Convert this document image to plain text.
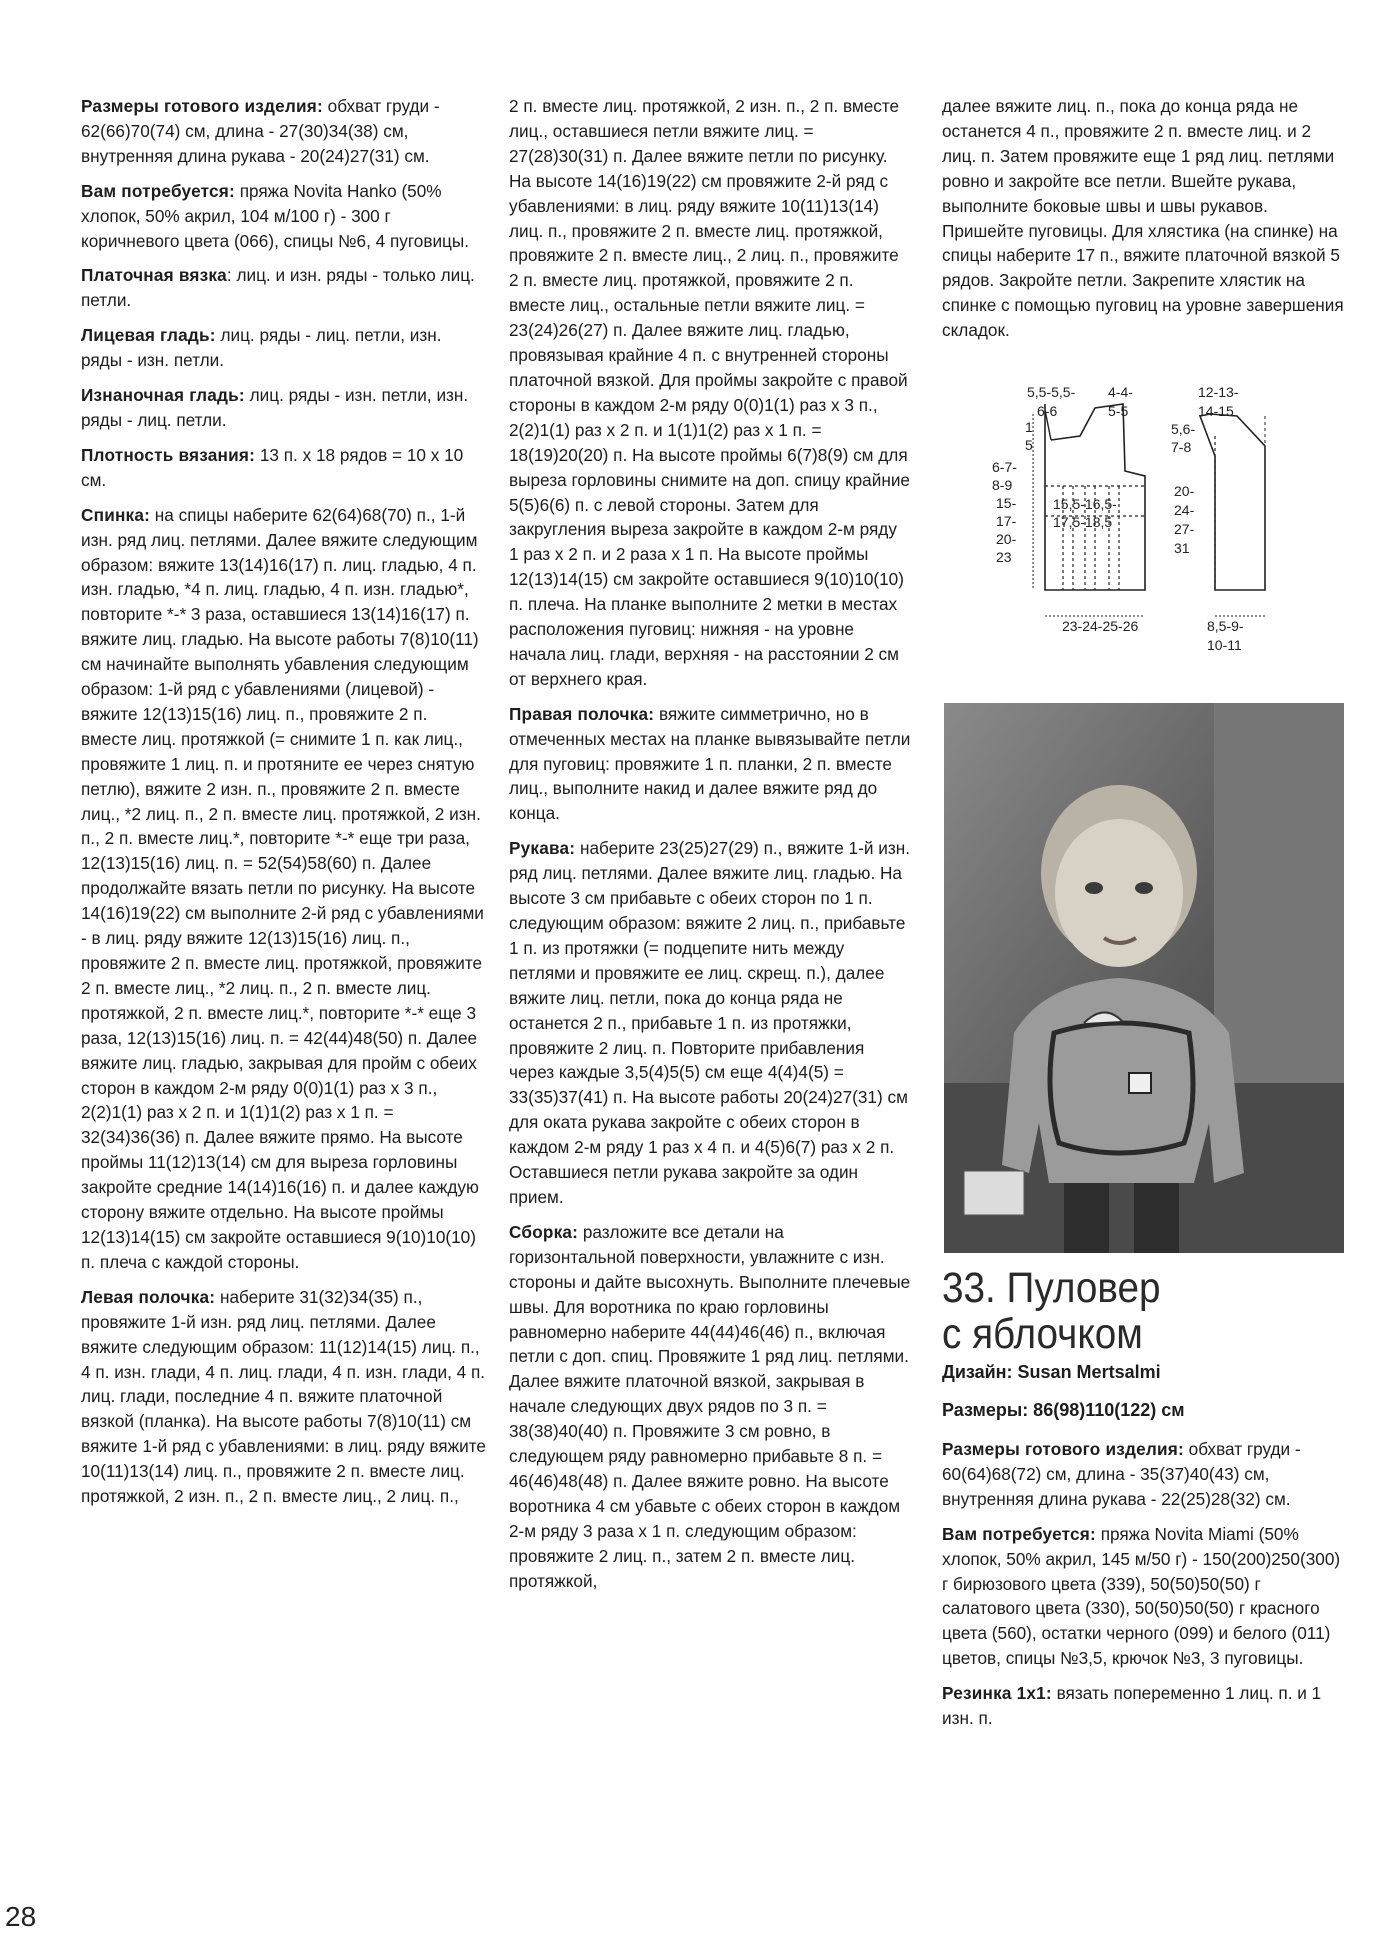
Размеры готового изделия: обхват груди - 62(66)70(74) см, длина - 27(30)34(38) см, внутренняя длина рукава - 20(24)27(31) см.

Вам потребуется: пряжа Novita Hanko (50% хлопок, 50% акрил, 104 м/100 г) - 300 г коричневого цвета (066), спицы №6, 4 пуговицы.

Платочная вязка: лиц. и изн. ряды - только лиц. петли.

Лицевая гладь: лиц. ряды - лиц. петли, изн. ряды - изн. петли.

Изнаночная гладь: лиц. ряды - изн. петли, изн. ряды - лиц. петли.

Плотность вязания: 13 п. х 18 рядов = 10 х 10 см.

Спинка: на спицы наберите 62(64)68(70) п., 1-й изн. ряд лиц. петлями. Далее вяжите следующим образом: вяжите 13(14)16(17) п. лиц. гладью, 4 п. изн. гладью, *4 п. лиц. гладью, 4 п. изн. гладью*, повторите *-* 3 раза, оставшиеся 13(14)16(17) п. вяжите лиц. гладью. На высоте работы 7(8)10(11) см начинайте выполнять убавления следующим образом: 1-й ряд с убавлениями (лицевой) - вяжите 12(13)15(16) лиц. п., провяжите 2 п. вместе лиц. протяжкой (= снимите 1 п. как лиц., провяжите 1 лиц. п. и протяните ее через снятую петлю), вяжите 2 изн. п., провяжите 2 п. вместе лиц., *2 лиц. п., 2 п. вместе лиц. протяжкой, 2 изн. п., 2 п. вместе лиц.*, повторите *-* еще три раза, 12(13)15(16) лиц. п. = 52(54)58(60) п. Далее продолжайте вязать петли по рисунку. На высоте 14(16)19(22) см выполните 2-й ряд с убавлениями - в лиц. ряду вяжите 12(13)15(16) лиц. п., провяжите 2 п. вместе лиц. протяжкой, провяжите 2 п. вместе лиц., *2 лиц. п., 2 п. вместе лиц. протяжкой, 2 п. вместе лиц.*, повторите *-* еще 3 раза, 12(13)15(16) лиц. п. = 42(44)48(50) п. Далее вяжите лиц. гладью, закрывая для пройм с обеих сторон в каждом 2-м ряду 0(0)1(1) раз х 3 п., 2(2)1(1) раз х 2 п. и 1(1)1(2) раз х 1 п. = 32(34)36(36) п. Далее вяжите прямо. На высоте проймы 11(12)13(14) см для выреза горловины закройте средние 14(14)16(16) п. и далее каждую сторону вяжите отдельно. На высоте проймы 12(13)14(15) см закройте оставшиеся 9(10)10(10) п. плеча с каждой стороны.

Левая полочка: наберите 31(32)34(35) п., провяжите 1-й изн. ряд лиц. петлями. Далее вяжите следующим образом: 11(12)14(15) лиц. п., 4 п. изн. глади, 4 п. лиц. глади, 4 п. изн. глади, 4 п. лиц. глади, последние 4 п. вяжите платочной вязкой (планка). На высоте работы 7(8)10(11) см вяжите 1-й ряд с убавлениями: в лиц. ряду вяжите 10(11)13(14) лиц. п., провяжите 2 п. вместе лиц. протяжкой, 2 изн. п., 2 п. вместе лиц., 2 лиц. п.,

2 п. вместе лиц. протяжкой, 2 изн. п., 2 п. вместе лиц., оставшиеся петли вяжите лиц. = 27(28)30(31) п. Далее вяжите петли по рисунку. На высоте 14(16)19(22) см провяжите 2-й ряд с убавлениями: в лиц. ряду вяжите 10(11)13(14) лиц. п., провяжите 2 п. вместе лиц. протяжкой, провяжите 2 п. вместе лиц., 2 лиц. п., провяжите 2 п. вместе лиц. протяжкой, провяжите 2 п. вместе лиц., остальные петли вяжите лиц. = 23(24)26(27) п. Далее вяжите лиц. гладью, провязывая крайние 4 п. с внутренней стороны платочной вязкой. Для проймы закройте с правой стороны в каждом 2-м ряду 0(0)1(1) раз х 3 п., 2(2)1(1) раз х 2 п. и 1(1)1(2) раз х 1 п. = 18(19)20(20) п. На высоте проймы 6(7)8(9) см для выреза горловины снимите на доп. спицу крайние 5(5)6(6) п. с левой стороны. Затем для закругления выреза закройте в каждом 2-м ряду 1 раз х 2 п. и 2 раза х 1 п. На высоте проймы 12(13)14(15) см закройте оставшиеся 9(10)10(10) п. плеча. На планке выполните 2 метки в местах расположения пуговиц: нижняя - на уровне начала лиц. глади, верхняя - на расстоянии 2 см от верхнего края.

Правая полочка: вяжите симметрично, но в отмеченных местах на планке вывязывайте петли для пуговиц: провяжите 1 п. планки, 2 п. вместе лиц., выполните накид и далее вяжите ряд до конца.

Рукава: наберите 23(25)27(29) п., вяжите 1-й изн. ряд лиц. петлями. Далее вяжите лиц. гладью. На высоте 3 см прибавьте с обеих сторон по 1 п. следующим образом: вяжите 2 лиц. п., прибавьте 1 п. из протяжки (= подцепите нить между петлями и провяжите ее лиц. скрещ. п.), далее вяжите лиц. петли, пока до конца ряда не останется 2 п., прибавьте 1 п. из протяжки, провяжите 2 лиц. п. Повторите прибавления через каждые 3,5(4)5(5) см еще 4(4)4(5) = 33(35)37(41) п. На высоте работы 20(24)27(31) см для оката рукава закройте с обеих сторон в каждом 2-м ряду 1 раз х 4 п. и 4(5)6(7) раз х 2 п. Оставшиеся петли рукава закройте за один прием.

Сборка: разложите все детали на горизонтальной поверхности, увлажните с изн. стороны и дайте высохнуть. Выполните плечевые швы. Для воротника по краю горловины равномерно наберите 44(44)46(46) п., включая петли с доп. спиц. Провяжите 1 ряд лиц. петлями. Далее вяжите платочной вязкой, закрывая в начале следующих двух рядов по 3 п. = 38(38)40(40) п. Провяжите 3 см ровно, в следующем ряду равномерно прибавьте 8 п. = 46(46)48(48) п. Далее вяжите ровно. На высоте воротника 4 см убавьте с обеих сторон в каждом 2-м ряду 3 раза х 1 п. следующим образом: провяжите 2 лиц. п., затем 2 п. вместе лиц. протяжкой,

далее вяжите лиц. п., пока до конца ряда не останется 4 п., провяжите 2 п. вместе лиц. и 2 лиц. п. Затем провяжите еще 1 ряд лиц. петлями ровно и закройте все петли. Вшейте рукава, выполните боковые швы и швы рукавов. Пришейте пуговицы. Для хлястика (на спинке) на спицы наберите 17 п., вяжите платочной вязкой 5 рядов. Закройте петли. Закрепите хлястик на спинке с помощью пуговиц на уровне завершения складок.

5,5-5,5-
6-6
4-4-
5-5
1
5
6-7-
8-9
15-
17-
20-
23
15,5-16,5-
17,5-18,5
23-24-25-26
12-13-
14-15
5,6-
7-8
20-
24-
27-
31
8,5-9-
10-11
33. Пуловер
с яблочком
Дизайн: Susan Mertsalmi
Размеры: 86(98)110(122) см

Размеры готового изделия: обхват груди - 60(64)68(72) см, длина - 35(37)40(43) см, внутренняя длина рукава - 22(25)28(32) см.

Вам потребуется: пряжа Novita Miami (50% хлопок, 50% акрил, 145 м/50 г) - 150(200)250(300) г бирюзового цвета (339), 50(50)50(50) г салатового цвета (330), 50(50)50(50) г красного цвета (560), остатки черного (099) и белого (011) цветов, спицы №3,5, крючок №3, 3 пуговицы.

Резинка 1х1: вязать попеременно 1 лиц. п. и 1 изн. п.

28
